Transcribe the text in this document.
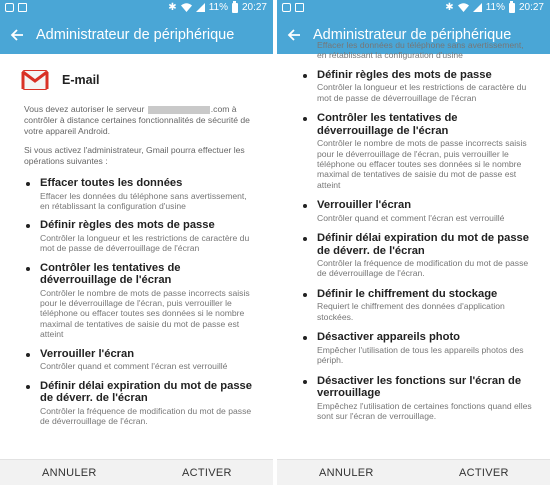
✱	11% 20:27
Administrateur de périphérique
E-mail
Vous devez autoriser le serveur	.com à contrôler à distance certaines fonctionnalités de sécurité de votre appareil Android.
Si vous activez l'administrateur, Gmail pourra effectuer les opérations suivantes :
Effacer toutes les données
Effacer les données du téléphone sans avertissement, en rétablissant la configuration d'usine
Définir règles des mots de passe
Contrôler la longueur et les restrictions de caractère du mot de passe de déverrouillage de l'écran
Contrôler les tentatives de déverrouillage de l'écran
Contrôler le nombre de mots de passe incorrects saisis pour le déverrouillage de l'écran, puis verrouiller le téléphone ou effacer toutes ses données si le nombre maximal de tentatives de saisie du mot de passe est atteint
Verrouiller l'écran
Contrôler quand et comment l'écran est verrouillé
Définir délai expiration du mot de passe de déverr. de l'écran
Contrôler la fréquence de modification du mot de passe de déverrouillage de l'écran.
ANNULER	ACTIVER
✱	11% 20:27
Administrateur de périphérique
Effacer les données du téléphone sans avertissement, en rétablissant la configuration d'usine
Définir règles des mots de passe
Contrôler la longueur et les restrictions de caractère du mot de passe de déverrouillage de l'écran
Contrôler les tentatives de déverrouillage de l'écran
Contrôler le nombre de mots de passe incorrects saisis pour le déverrouillage de l'écran, puis verrouiller le téléphone ou effacer toutes ses données si le nombre maximal de tentatives de saisie du mot de passe est atteint
Verrouiller l'écran
Contrôler quand et comment l'écran est verrouillé
Définir délai expiration du mot de passe de déverr. de l'écran
Contrôler la fréquence de modification du mot de passe de déverrouillage de l'écran.
Définir le chiffrement du stockage
Requiert le chiffrement des données d'application stockées.
Désactiver appareils photo
Empêcher l'utilisation de tous les appareils photos des périph.
Désactiver les fonctions sur l'écran de verrouillage
Empêchez l'utilisation de certaines fonctions quand elles sont sur l'écran de verrouillage.
ANNULER	ACTIVER
